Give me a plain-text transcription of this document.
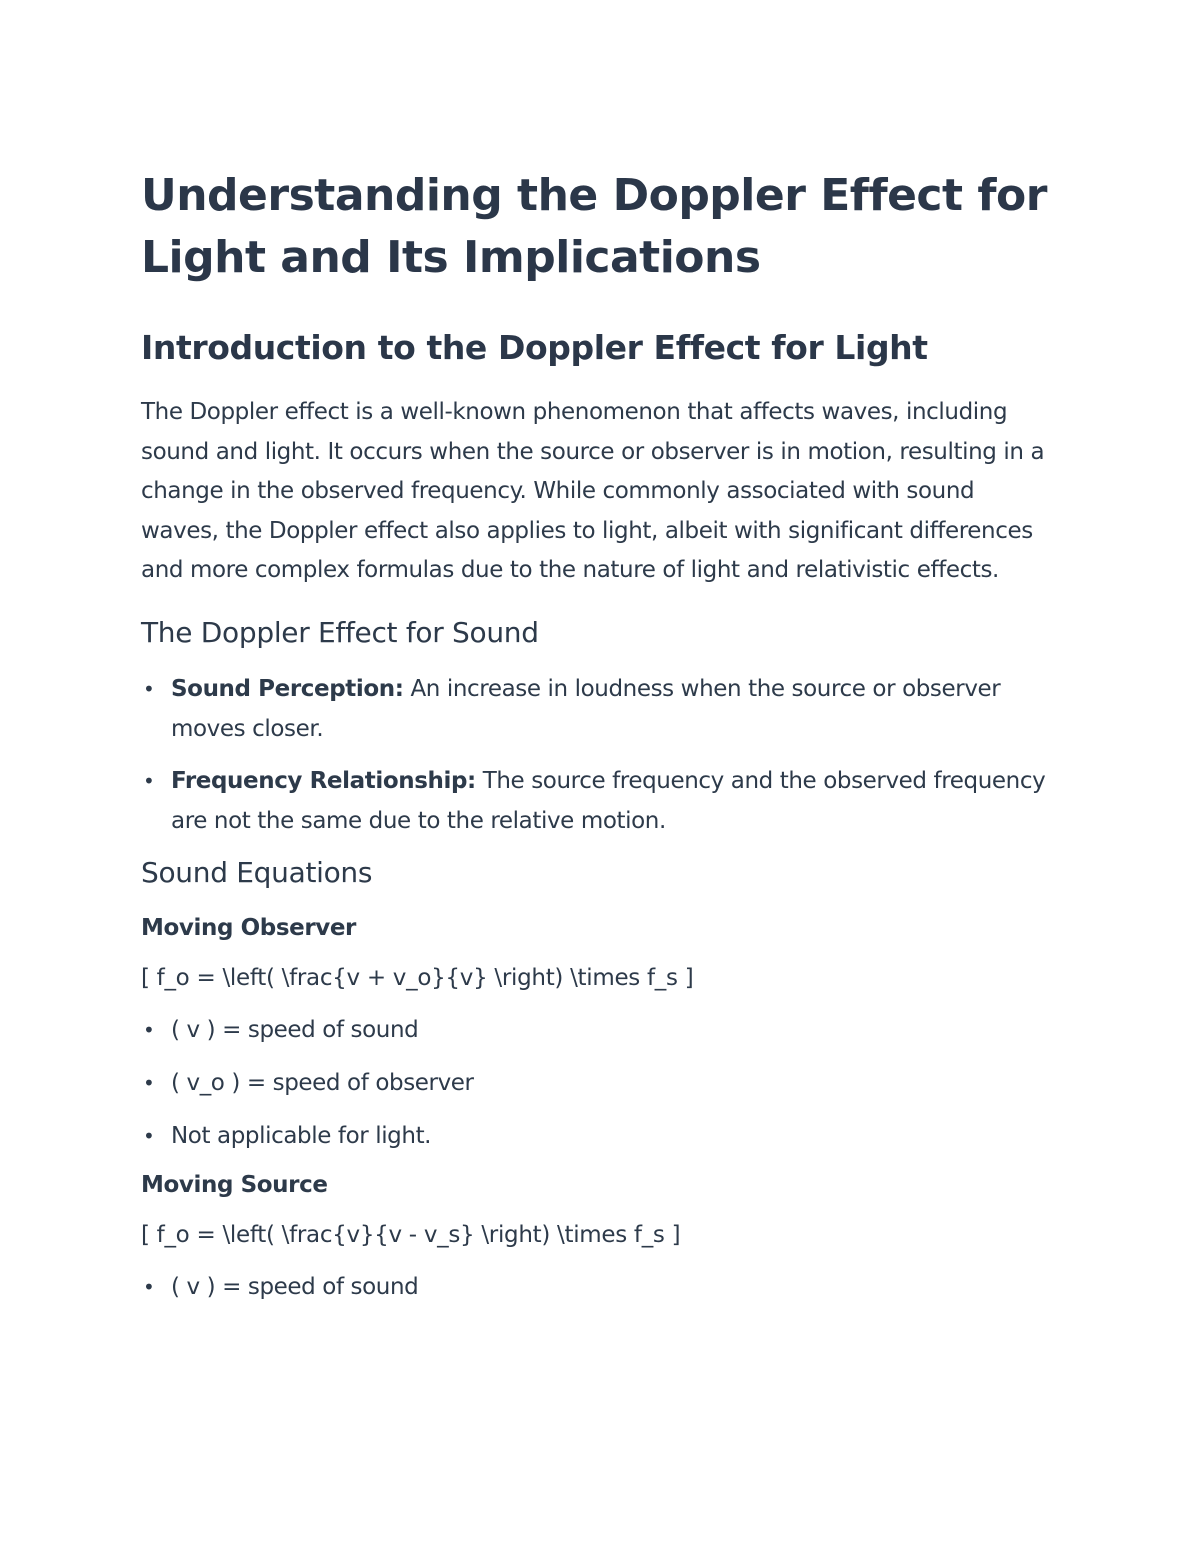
Understanding the Doppler Effect for Light and Its Implications
Introduction to the Doppler Effect for Light

The Doppler effect is a well-known phenomenon that affects waves, including sound and light. It occurs when the source or observer is in motion, resulting in a change in the observed frequency. While commonly associated with sound waves, the Doppler effect also applies to light, albeit with significant differences and more complex formulas due to the nature of light and relativistic effects.

The Doppler Effect for Sound
• Sound Perception: An increase in loudness when the source or observer moves closer.
• Frequency Relationship: The source frequency and the observed frequency are not the same due to the relative motion.
Sound Equations
Moving Observer

[ f_o = \left( \frac{v + v_o}{v} \right) \times f_s ]

• ( v ) = speed of sound
• ( v_o ) = speed of observer
• Not applicable for light.
Moving Source

[ f_o = \left( \frac{v}{v - v_s} \right) \times f_s ]

• ( v ) = speed of sound
